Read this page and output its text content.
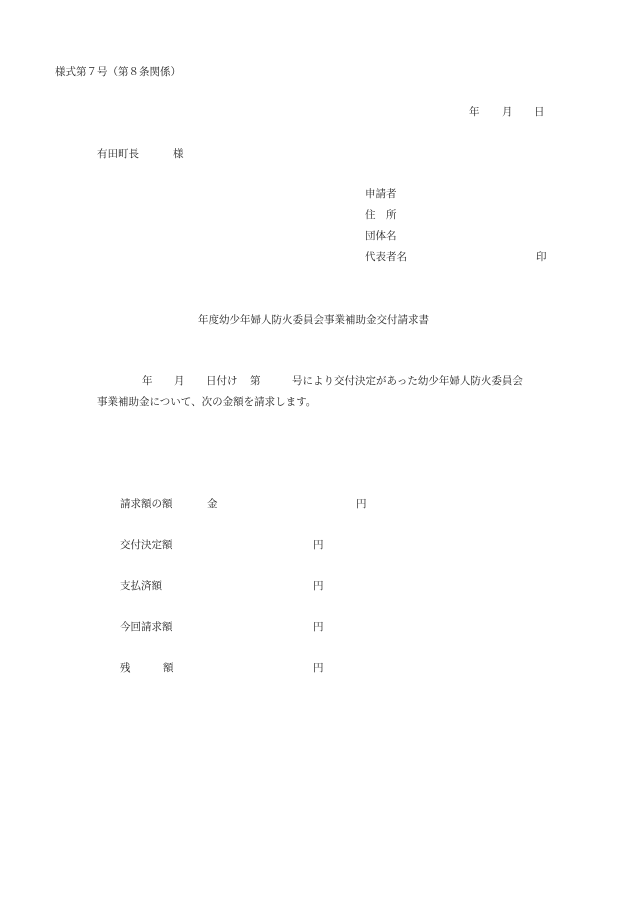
様式第７号（第８条関係）
年 月 日
有田町長	様
申請者
住　所
団体名
代表者名	印
年度幼少年婦人防火委員会事業補助金交付請求書
年 月 日付け 第	号により交付決定があった幼少年婦人防火委員会
事業補助金について、次の金額を請求します。
請求額の額	金	円
交付決定額	円
支払済額	円
今回請求額	円
残	額	円
